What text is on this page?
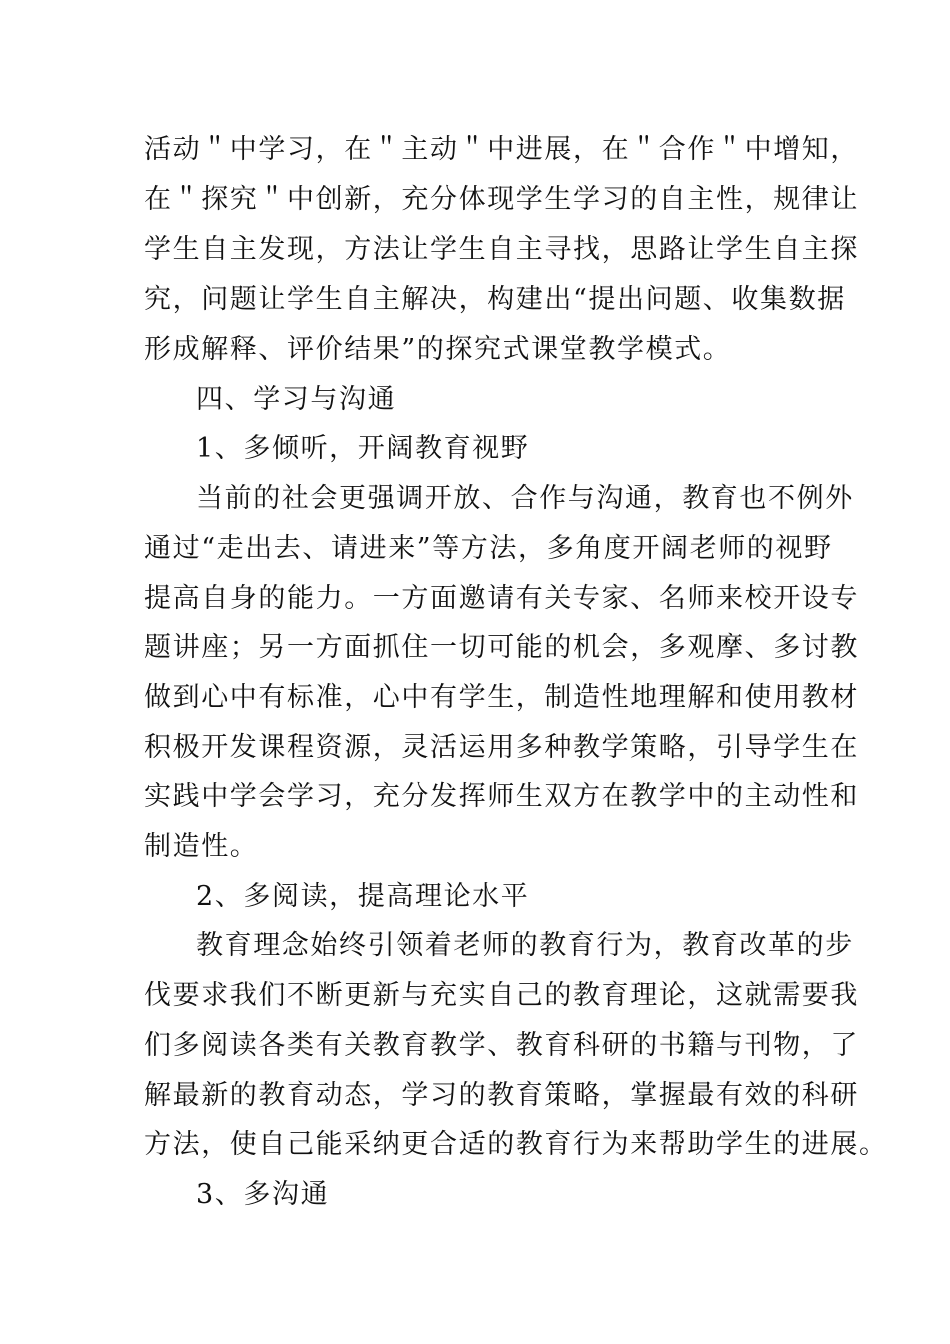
活动＂中学习，在＂主动＂中进展，在＂合作＂中增知，
在＂探究＂中创新，充分体现学生学习的自主性，规律让
学生自主发现，方法让学生自主寻找，思路让学生自主探
究，问题让学生自主解决，构建出“提出问题、收集数据
形成解释、评价结果”的探究式课堂教学模式。
四、学习与沟通
1、多倾听，开阔教育视野
当前的社会更强调开放、合作与沟通，教育也不例外
通过“走出去、请进来”等方法，多角度开阔老师的视野
提高自身的能力。一方面邀请有关专家、名师来校开设专
题讲座；另一方面抓住一切可能的机会，多观摩、多讨教
做到心中有标准，心中有学生，制造性地理解和使用教材
积极开发课程资源，灵活运用多种教学策略，引导学生在
实践中学会学习，充分发挥师生双方在教学中的主动性和
制造性。
2、多阅读，提高理论水平
教育理念始终引领着老师的教育行为，教育改革的步
伐要求我们不断更新与充实自己的教育理论，这就需要我
们多阅读各类有关教育教学、教育科研的书籍与刊物，了
解最新的教育动态，学习的教育策略，掌握最有效的科研
方法，使自己能采纳更合适的教育行为来帮助学生的进展。
3、多沟通
